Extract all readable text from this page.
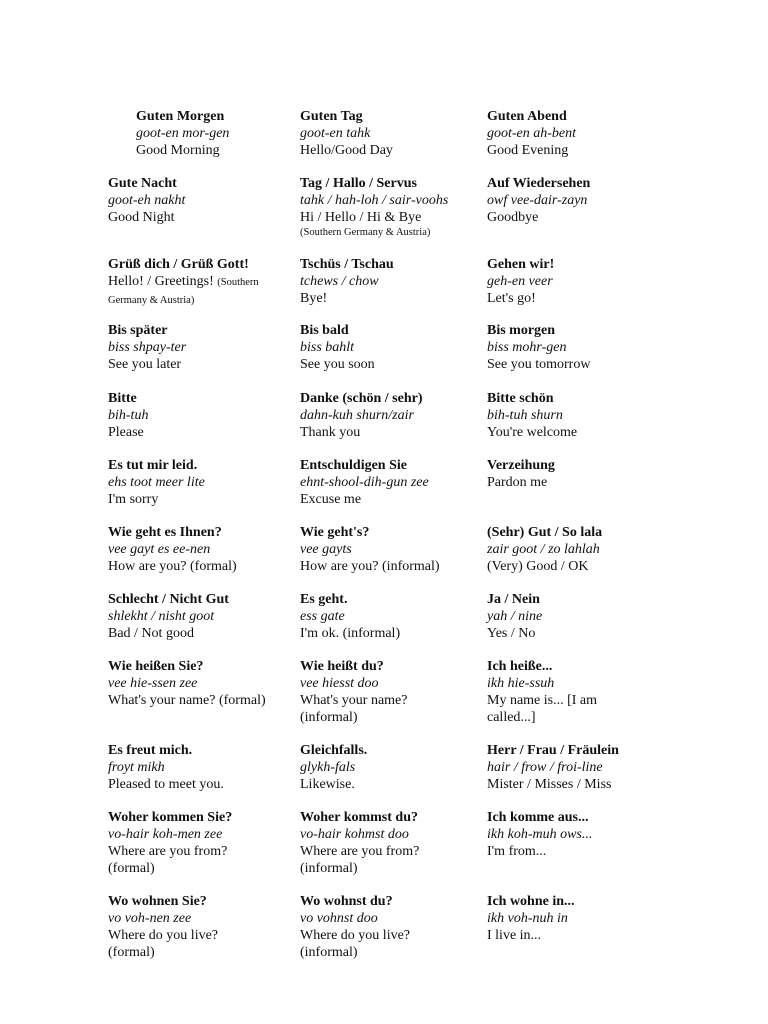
Guten Morgen
goot-en mor-gen
Good Morning
Guten Tag
goot-en tahk
Hello/Good Day
Guten Abend
goot-en ah-bent
Good Evening
Gute Nacht
goot-eh nakht
Good Night
Tag / Hallo / Servus
tahk / hah-loh / sair-voohs
Hi / Hello / Hi & Bye
(Southern Germany & Austria)
Auf Wiedersehen
owf vee-dair-zayn
Goodbye
Grüß dich / Grüß Gott!
Hello! / Greetings! (Southern Germany & Austria)
Tschüs / Tschau
tchews / chow
Bye!
Gehen wir!
geh-en veer
Let's go!
Bis später
biss shpay-ter
See you later
Bis bald
biss bahlt
See you soon
Bis morgen
biss mohr-gen
See you tomorrow
Bitte
bih-tuh
Please
Danke (schön / sehr)
dahn-kuh shurn/zair
Thank you
Bitte schön
bih-tuh shurn
You're welcome
Es tut mir leid.
ehs toot meer lite
I'm sorry
Entschuldigen Sie
ehnt-shool-dih-gun zee
Excuse me
Verzeihung
Pardon me
Wie geht es Ihnen?
vee gayt es ee-nen
How are you? (formal)
Wie geht's?
vee gayts
How are you? (informal)
(Sehr) Gut / So lala
zair goot / zo lahlah
(Very) Good / OK
Schlecht / Nicht Gut
shlekht / nisht goot
Bad / Not good
Es geht.
ess gate
I'm ok. (informal)
Ja / Nein
yah / nine
Yes / No
Wie heißen Sie?
vee hie-ssen zee
What's your name? (formal)
Wie heißt du?
vee hiesst doo
What's your name? (informal)
Ich heiße...
ikh hie-ssuh
My name is... [I am called...]
Es freut mich.
froyt mikh
Pleased to meet you.
Gleichfalls.
glykh-fals
Likewise.
Herr / Frau / Fräulein
hair / frow / froi-line
Mister / Misses / Miss
Woher kommen Sie?
vo-hair koh-men zee
Where are you from? (formal)
Woher kommst du?
vo-hair kohmst doo
Where are you from? (informal)
Ich komme aus...
ikh koh-muh ows...
I'm from...
Wo wohnen Sie?
vo voh-nen zee
Where do you live? (formal)
Wo wohnst du?
vo vohnst doo
Where do you live? (informal)
Ich wohne in...
ikh voh-nuh in
I live in...
